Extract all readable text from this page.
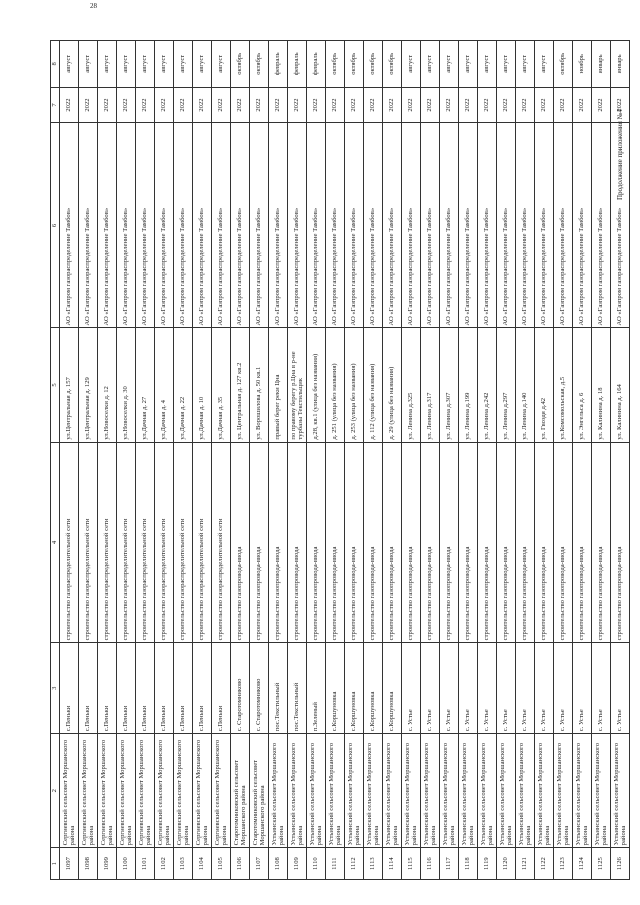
28
Продолжение приложения №4
1	2	3	4	5	6	7	8
1097	Сергиевский сельсовет Моршанского района	с.Пеньки	строительство газораспределительной сети	ул.Центральная д. 157	АО «Газпром газораспределение Тамбов»	2022	август
1098	Сергиевский сельсовет Моршанского района	с.Пеньки	строительство газораспределительной сети	ул.Центральная д. 129	АО «Газпром газораспределение Тамбов»	2022	август
1099	Сергиевский сельсовет Моршанского района	с.Пеньки	строительство газораспределительной сети	ул.Новоселки д. 12	АО «Газпром газораспределение Тамбов»	2022	август
1100	Сергиевский сельсовет Моршанского района	с.Пеньки	строительство газораспределительной сети	ул.Новоселки д. 30	АО «Газпром газораспределение Тамбов»	2022	август
1101	Сергиевский сельсовет Моршанского района	с.Пеньки	строительство газораспределительной сети	ул.Дачная д. 27	АО «Газпром газораспределение Тамбов»	2022	август
1102	Сергиевский сельсовет Моршанского района	с.Пеньки	строительство газораспределительной сети	ул.Дачная д. 4	АО «Газпром газораспределение Тамбов»	2022	август
1103	Сергиевский сельсовет Моршанского района	с.Пеньки	строительство газораспределительной сети	ул.Дачная д. 22	АО «Газпром газораспределение Тамбов»	2022	август
1104	Сергиевский сельсовет Моршанского района	с.Пеньки	строительство газораспределительной сети	ул.Дачная д. 10	АО «Газпром газораспределение Тамбов»	2022	август
1105	Сергиевский сельсовет Моршанского района	с.Пеньки	строительство газораспределительной сети	ул.Дачная д. 35	АО «Газпром газораспределение Тамбов»	2022	август
1106	Старотомниковский сельсовет Моршанского района	с. Старотомниково	строительство газопровода-ввода	ул. Центральная д. 127 кв.2	АО «Газпром газораспределение Тамбов»	2022	октябрь
1107	Старотомниковский сельсовет Моршанского района	с. Старотомниково	строительство газопровода-ввода	ул. Ворошилова д. 50 кв.1	АО «Газпром газораспределение Тамбов»	2022	октябрь
1108	Устьинский сельсовет Моршанского района	пос.Текстильный	строительство газопровода-ввода	правый берег реки Цна	АО «Газпром газораспределение Тамбов»	2022	февраль
1109	Устьинский сельсовет Моршанского района	пос.Текстильный	строительство газопровода-ввода	по правому берегу р.Цна в р-не турбазы Текстильщик	АО «Газпром газораспределение Тамбов»	2022	февраль
1110	Устьинский сельсовет Моршанского района	п.Зеленый	строительство газопровода-ввода	д.28, кв.1 (улица без названия)	АО «Газпром газораспределение Тамбов»	2022	февраль
1111	Устьинский сельсовет Моршанского района	с.Коршуновка	строительство газопровода-ввода	д. 251 (улица без названия)	АО «Газпром газораспределение Тамбов»	2022	октябрь
1112	Устьинский сельсовет Моршанского района	с.Коршуновка	строительство газопровода-ввода	д. 253 (улица без названия)	АО «Газпром газораспределение Тамбов»	2022	октябрь
1113	Устьинский сельсовет Моршанского района	с.Коршуновка	строительство газопровода-ввода	д. 112 (улица без названия)	АО «Газпром газораспределение Тамбов»	2022	октябрь
1114	Устьинский сельсовет Моршанского района	с.Коршуновка	строительство газопровода-ввода	д. 29 (улица без названия)	АО «Газпром газораспределение Тамбов»	2022	октябрь
1115	Устьинский сельсовет Моршанского района	с. Устье	строительство газопровода-ввода	ул. Ленина д.325	АО «Газпром газораспределение Тамбов»	2022	август
1116	Устьинский сельсовет Моршанского района	с. Устье	строительство газопровода-ввода	ул. Ленина д.317	АО «Газпром газораспределение Тамбов»	2022	август
1117	Устьинский сельсовет Моршанского района	с. Устье	строительство газопровода-ввода	ул. Ленина д.307	АО «Газпром газораспределение Тамбов»	2022	август
1118	Устьинский сельсовет Моршанского района	с. Устье	строительство газопровода-ввода	ул. Ленина д.199	АО «Газпром газораспределение Тамбов»	2022	август
1119	Устьинский сельсовет Моршанского района	с. Устье	строительство газопровода-ввода	ул. Ленина д.242	АО «Газпром газораспределение Тамбов»	2022	август
1120	Устьинский сельсовет Моршанского района	с. Устье	строительство газопровода-ввода	ул. Ленина д.297	АО «Газпром газораспределение Тамбов»	2022	август
1121	Устьинский сельсовет Моршанского района	с. Устье	строительство газопровода-ввода	ул. Ленина д.140	АО «Газпром газораспределение Тамбов»	2022	август
1122	Устьинский сельсовет Моршанского района	с. Устье	строительство газопровода-ввода	ул. Гвоздя д.42	АО «Газпром газораспределение Тамбов»	2022	август
1123	Устьинский сельсовет Моршанского района	с. Устье	строительство газопровода-ввода	ул.Комсомольская, д.5	АО «Газпром газораспределение Тамбов»	2022	октябрь
1124	Устьинский сельсовет Моршанского района	с. Устье	строительство газопровода-ввода	ул. Энгельса д. 6	АО «Газпром газораспределение Тамбов»	2022	ноябрь
1125	Устьинский сельсовет Моршанского района	с. Устье	строительство газопровода-ввода	ул. Калинина д. 18	АО «Газпром газораспределение Тамбов»	2022	январь
1126	Устьинский сельсовет Моршанского района	с. Устье	строительство газопровода-ввода	ул. Калинина д. 164	АО «Газпром газораспределение Тамбов»	2022	январь
